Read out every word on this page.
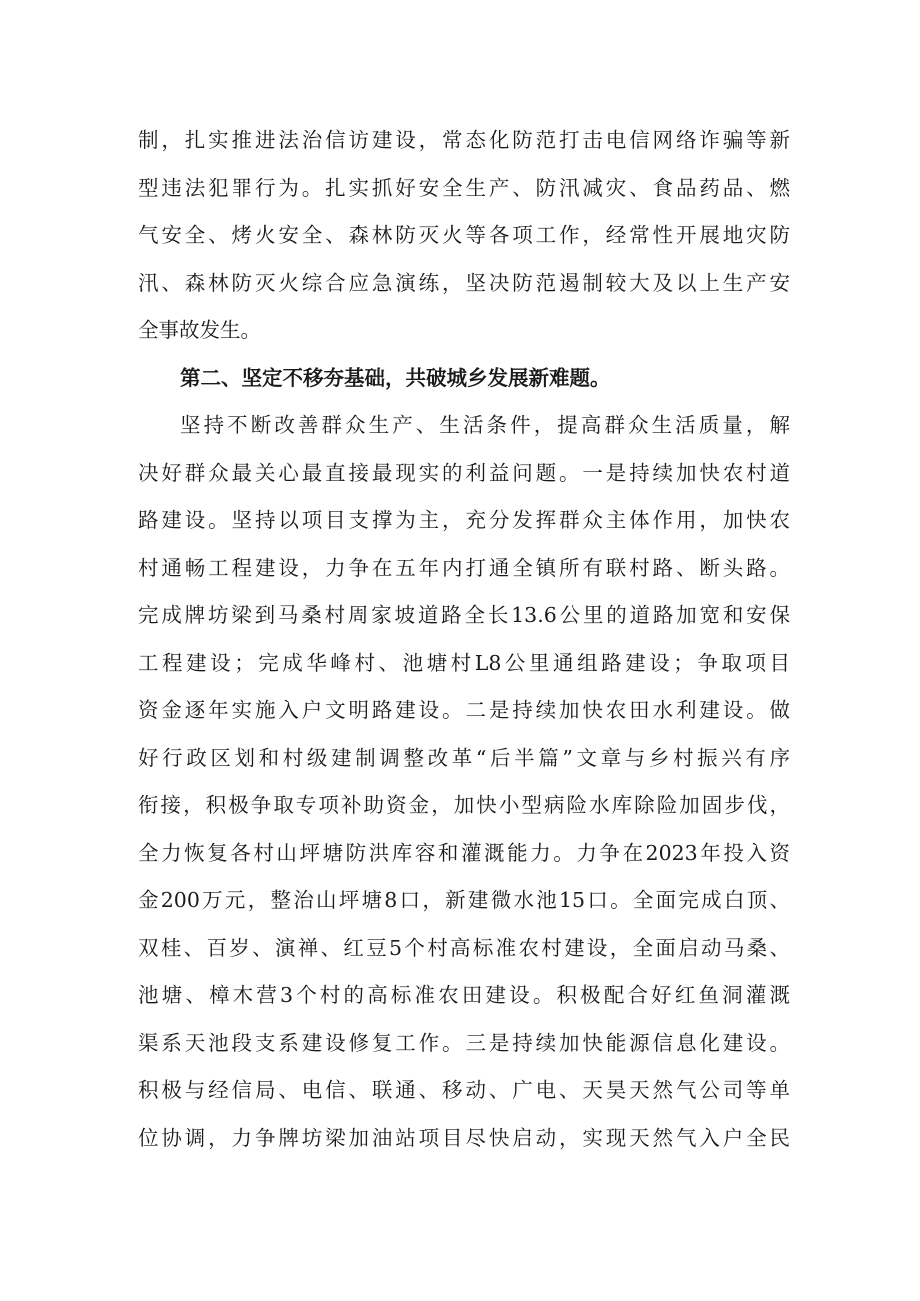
制，扎实推进法治信访建设，常态化防范打击电信网络诈骗等新
型违法犯罪行为。扎实抓好安全生产、防汛减灾、食品药品、燃
气安全、烤火安全、森林防灭火等各项工作，经常性开展地灾防
汛、森林防灭火综合应急演练，坚决防范遏制较大及以上生产安
全事故发生。
第二、坚定不移夯基础，共破城乡发展新难题。
坚持不断改善群众生产、生活条件，提高群众生活质量，解
决好群众最关心最直接最现实的利益问题。一是持续加快农村道
路建设。坚持以项目支撑为主，充分发挥群众主体作用，加快农
村通畅工程建设，力争在五年内打通全镇所有联村路、断头路。
完成牌坊梁到马桑村周家坡道路全长13.6公里的道路加宽和安保
工程建设；完成华峰村、池塘村L8公里通组路建设；争取项目
资金逐年实施入户文明路建设。二是持续加快农田水利建设。做
好行政区划和村级建制调整改革“后半篇”文章与乡村振兴有序
衔接，积极争取专项补助资金，加快小型病险水库除险加固步伐，
全力恢复各村山坪塘防洪库容和灌溉能力。力争在2023年投入资
金200万元，整治山坪塘8口，新建微水池15口。全面完成白顶、
双桂、百岁、演禅、红豆5个村高标准农村建设，全面启动马桑、
池塘、樟木营3个村的高标准农田建设。积极配合好红鱼洞灌溉
渠系天池段支系建设修复工作。三是持续加快能源信息化建设。
积极与经信局、电信、联通、移动、广电、天昊天然气公司等单
位协调，力争牌坊梁加油站项目尽快启动，实现天然气入户全民
